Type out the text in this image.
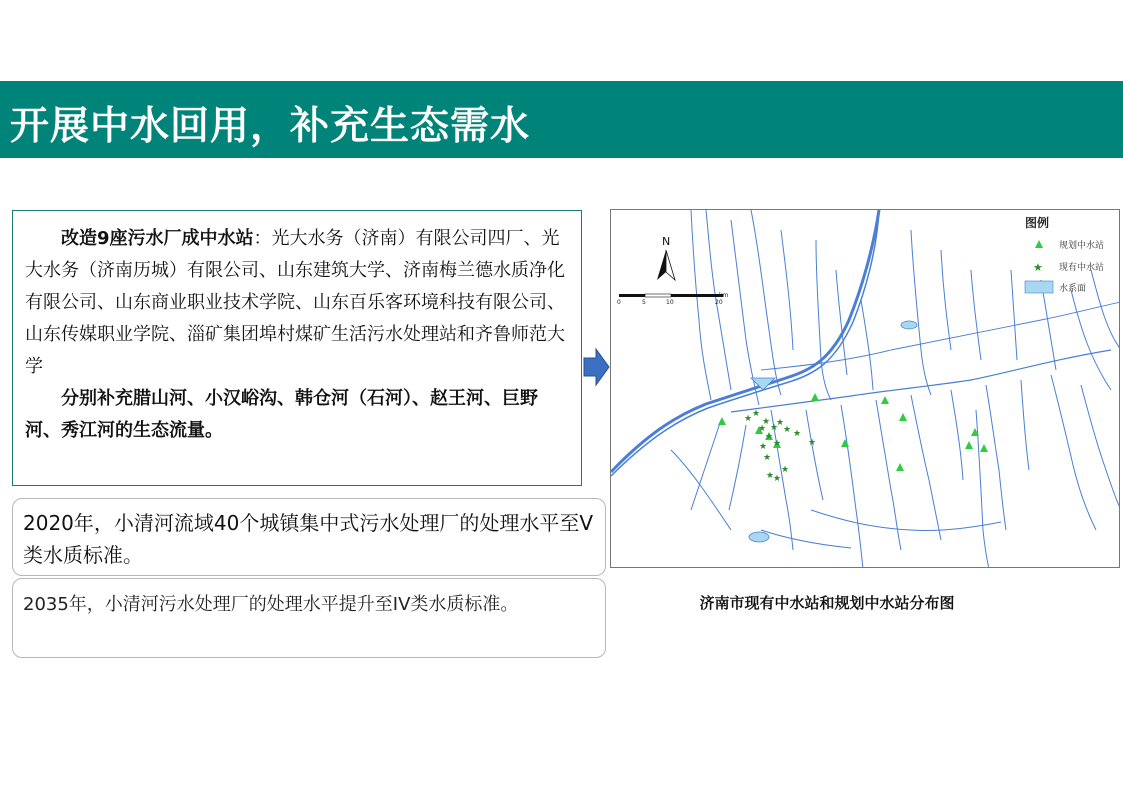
开展中水回用，补充生态需水

改造9座污水厂成中水站：光大水务（济南）有限公司四厂、光大水务（济南历城）有限公司、山东建筑大学、济南梅兰德水质净化有限公司、山东商业职业技术学院、山东百乐客环境科技有限公司、山东传媒职业学院、淄矿集团埠村煤矿生活污水处理站和齐鲁师范大学

分别补充腊山河、小汉峪沟、韩仓河（石河）、赵王河、巨野河、秀江河的生态流量。

2020年，小清河流域40个城镇集中式污水处理厂的处理水平至V类水质标准。
2035年，小清河污水处理厂的处理水平提升至IV类水质标准。
N
0	5	10	20
km
图例
规划中水站
★ 现有中水站
水系面
★
★
★
★
★
★
★
★
★
★
★
★
★
★
★
★
济南市现有中水站和规划中水站分布图
